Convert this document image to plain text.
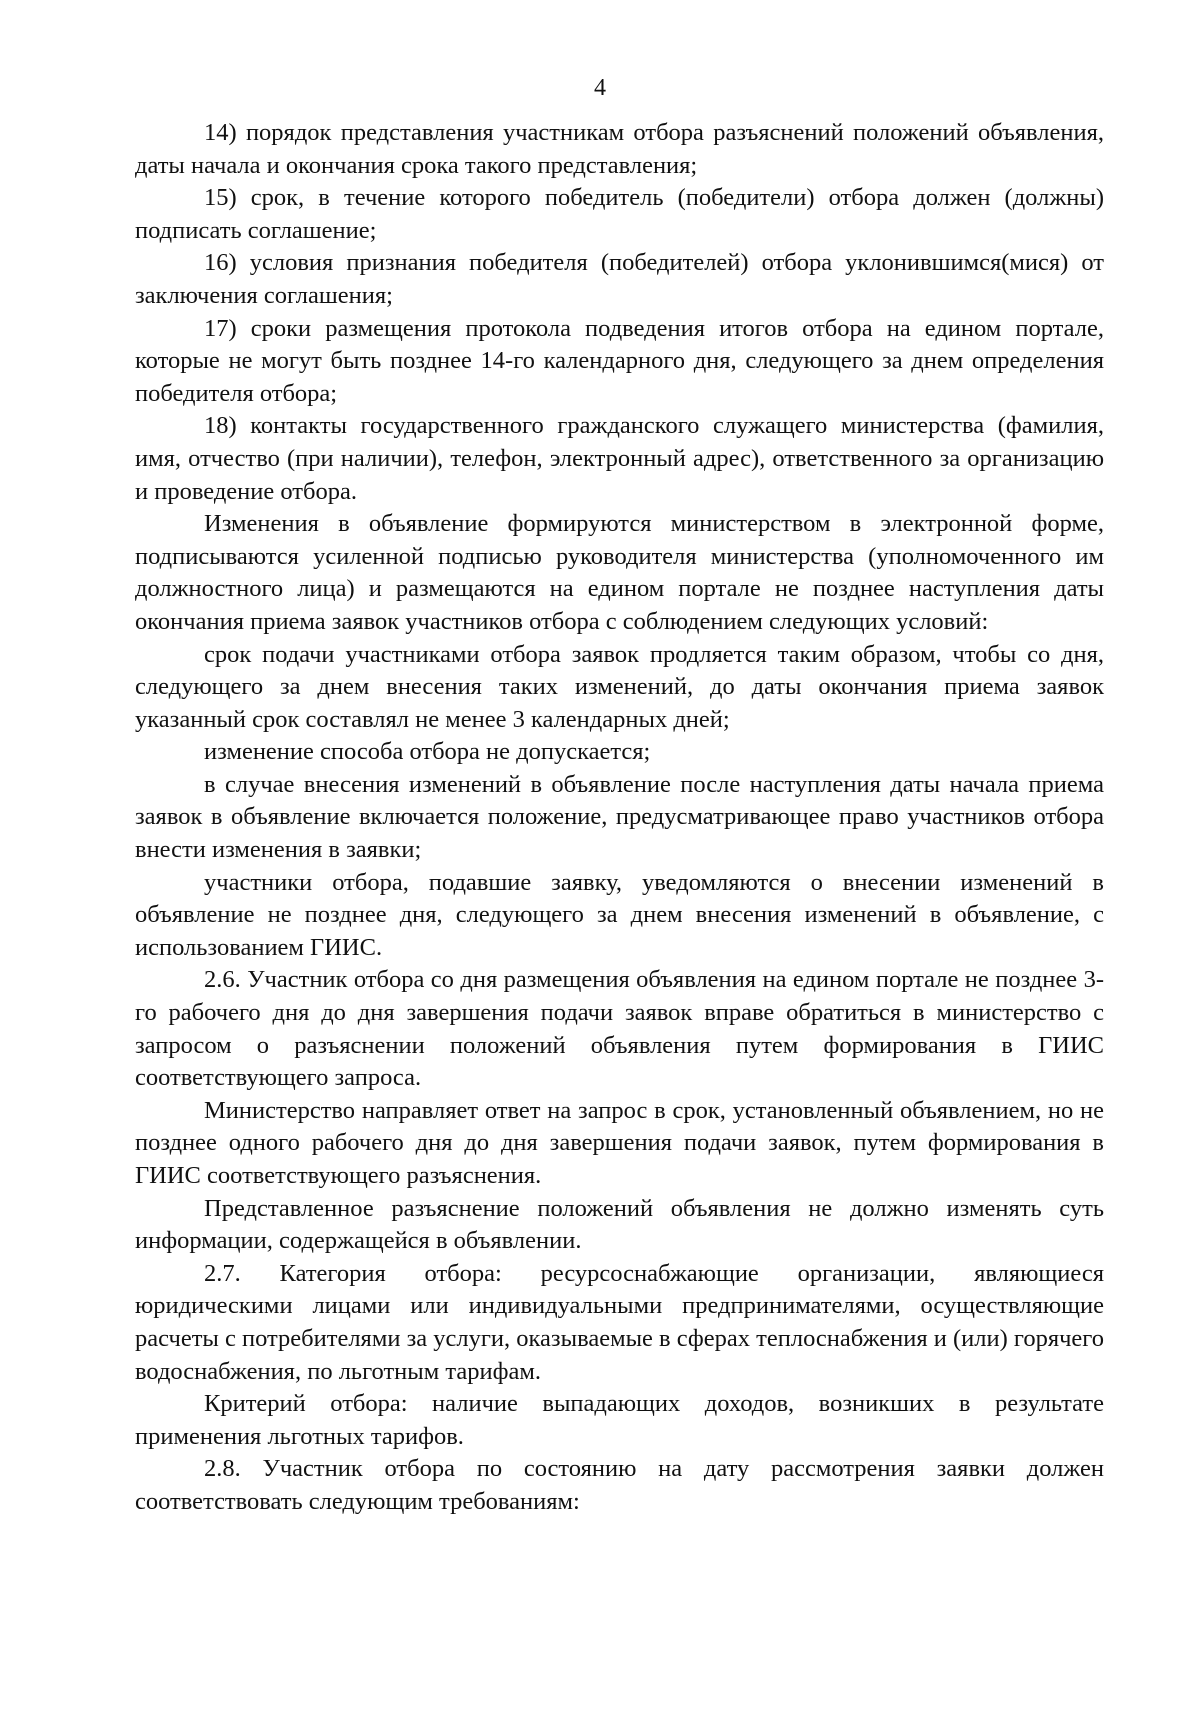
4

14) порядок представления участникам отбора разъяснений положений объявления, даты начала и окончания срока такого представления;

15) срок, в течение которого победитель (победители) отбора должен (должны) подписать соглашение;

16) условия признания победителя (победителей) отбора уклонившимся(мися) от заключения соглашения;

17) сроки размещения протокола подведения итогов отбора на едином портале, которые не могут быть позднее 14-го календарного дня, следующего за днем определения победителя отбора;

18) контакты государственного гражданского служащего министерства (фамилия, имя, отчество (при наличии), телефон, электронный адрес), ответственного за организацию и проведение отбора.

Изменения в объявление формируются министерством в электронной форме, подписываются усиленной подписью руководителя министерства (уполномоченного им должностного лица) и размещаются на едином портале не позднее наступления даты окончания приема заявок участников отбора с соблюдением следующих условий:

срок подачи участниками отбора заявок продляется таким образом, чтобы со дня, следующего за днем внесения таких изменений, до даты окончания приема заявок указанный срок составлял не менее 3 календарных дней;

изменение способа отбора не допускается;

в случае внесения изменений в объявление после наступления даты начала приема заявок в объявление включается положение, предусматривающее право участников отбора внести изменения в заявки;

участники отбора, подавшие заявку, уведомляются о внесении изменений в объявление не позднее дня, следующего за днем внесения изменений в объявление, с использованием ГИИС.

2.6. Участник отбора со дня размещения объявления на едином портале не позднее 3-го рабочего дня до дня завершения подачи заявок вправе обратиться в министерство с запросом о разъяснении положений объявления путем формирования в ГИИС соответствующего запроса.

Министерство направляет ответ на запрос в срок, установленный объявлением, но не позднее одного рабочего дня до дня завершения подачи заявок, путем формирования в ГИИС соответствующего разъяснения.

Представленное разъяснение положений объявления не должно изменять суть информации, содержащейся в объявлении.

2.7. Категория отбора: ресурсоснабжающие организации, являющиеся юридическими лицами или индивидуальными предпринимателями, осуществляющие расчеты с потребителями за услуги, оказываемые в сферах теплоснабжения и (или) горячего водоснабжения, по льготным тарифам.

Критерий отбора: наличие выпадающих доходов, возникших в результате применения льготных тарифов.

2.8. Участник отбора по состоянию на дату рассмотрения заявки должен соответствовать следующим требованиям:
